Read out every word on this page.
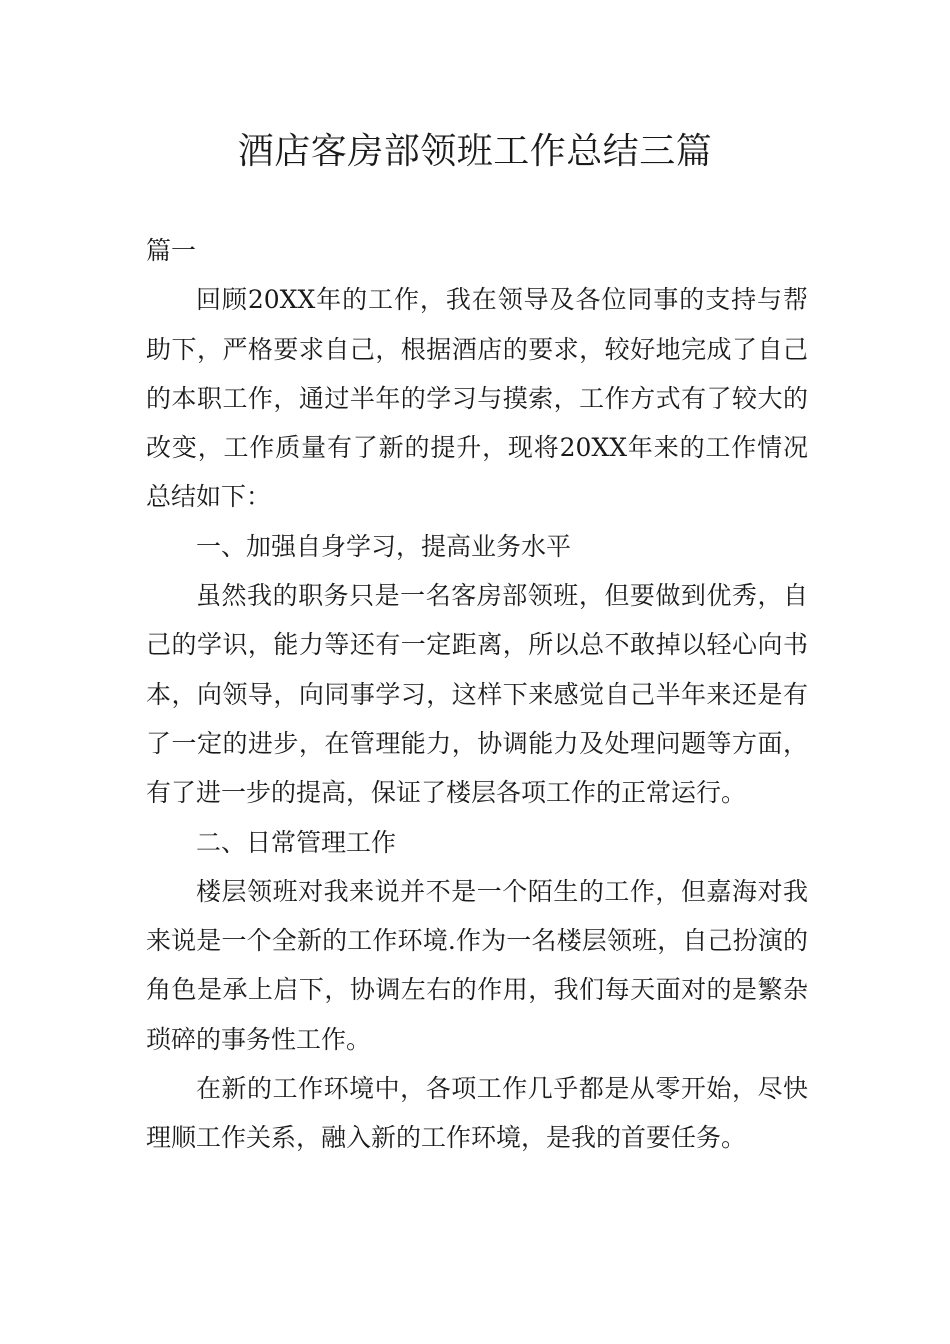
酒店客房部领班工作总结三篇

篇一

回顾20XX年的工作，我在领导及各位同事的支持与帮助下，严格要求自己，根据酒店的要求，较好地完成了自己的本职工作，通过半年的学习与摸索，工作方式有了较大的改变，工作质量有了新的提升，现将20XX年来的工作情况总结如下：

一、加强自身学习，提高业务水平

虽然我的职务只是一名客房部领班，但要做到优秀，自己的学识，能力等还有一定距离，所以总不敢掉以轻心向书本，向领导，向同事学习，这样下来感觉自己半年来还是有了一定的进步，在管理能力，协调能力及处理问题等方面，有了进一步的提高，保证了楼层各项工作的正常运行。

二、日常管理工作

楼层领班对我来说并不是一个陌生的工作，但嘉海对我来说是一个全新的工作环境.作为一名楼层领班，自己扮演的角色是承上启下，协调左右的作用，我们每天面对的是繁杂琐碎的事务性工作。

在新的工作环境中，各项工作几乎都是从零开始，尽快理顺工作关系，融入新的工作环境，是我的首要任务。
